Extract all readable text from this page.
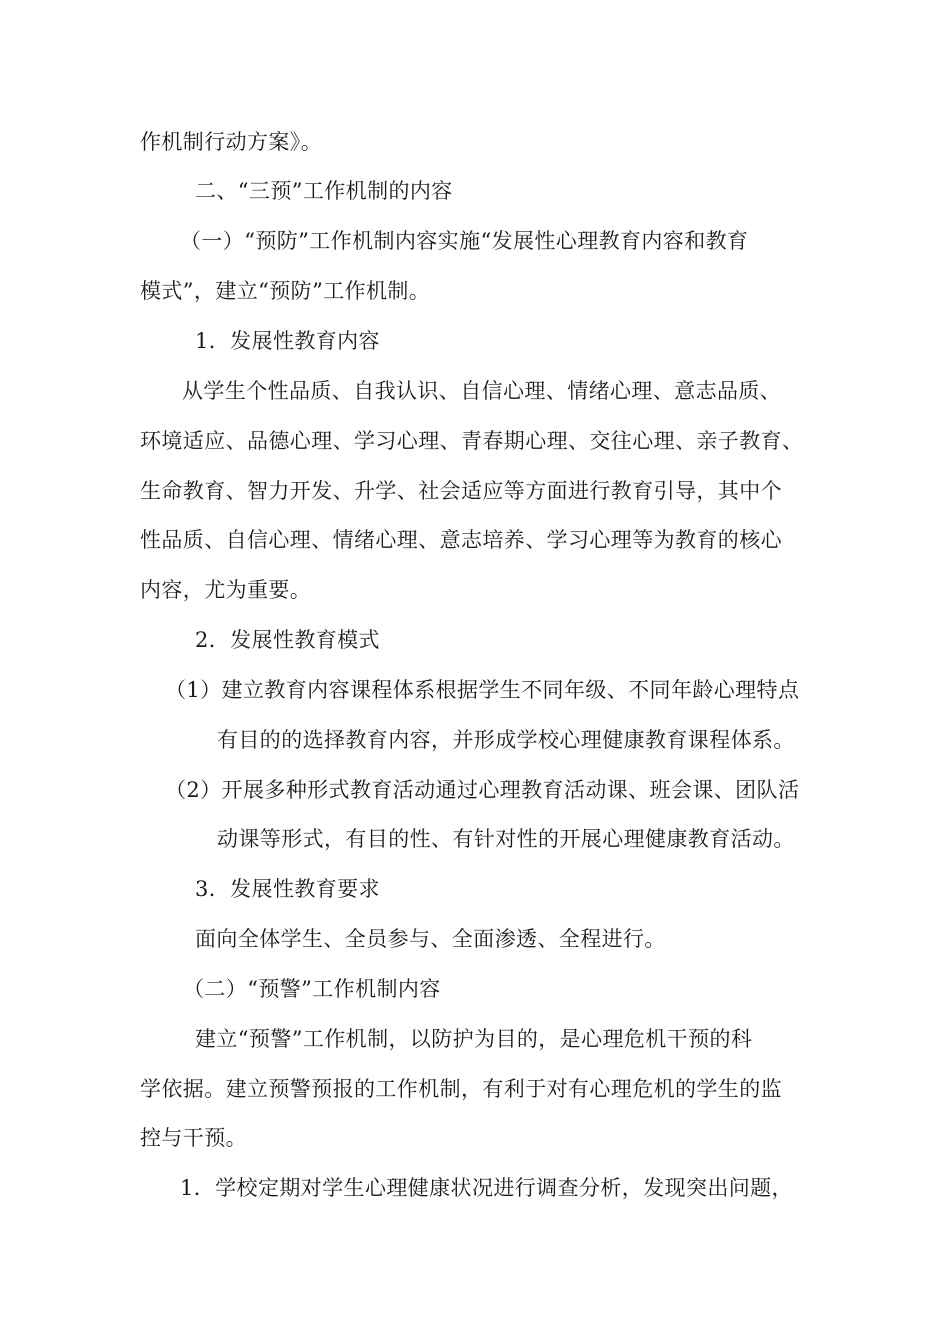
作机制行动方案》。
二、“三预”工作机制的内容
（一）“预防”工作机制内容实施“发展性心理教育内容和教育
模式”，建立“预防”工作机制。
1．发展性教育内容
从学生个性品质、自我认识、自信心理、情绪心理、意志品质、
环境适应、品德心理、学习心理、青春期心理、交往心理、亲子教育、
生命教育、智力开发、升学、社会适应等方面进行教育引导，其中个
性品质、自信心理、情绪心理、意志培养、学习心理等为教育的核心
内容，尤为重要。
2．发展性教育模式
（1）建立教育内容课程体系根据学生不同年级、不同年龄心理特点
有目的的选择教育内容，并形成学校心理健康教育课程体系。
（2）开展多种形式教育活动通过心理教育活动课、班会课、团队活
动课等形式，有目的性、有针对性的开展心理健康教育活动。
3．发展性教育要求
面向全体学生、全员参与、全面渗透、全程进行。
（二）“预警”工作机制内容
建立“预警”工作机制，以防护为目的，是心理危机干预的科
学依据。建立预警预报的工作机制，有利于对有心理危机的学生的监
控与干预。
1．学校定期对学生心理健康状况进行调查分析，发现突出问题，
